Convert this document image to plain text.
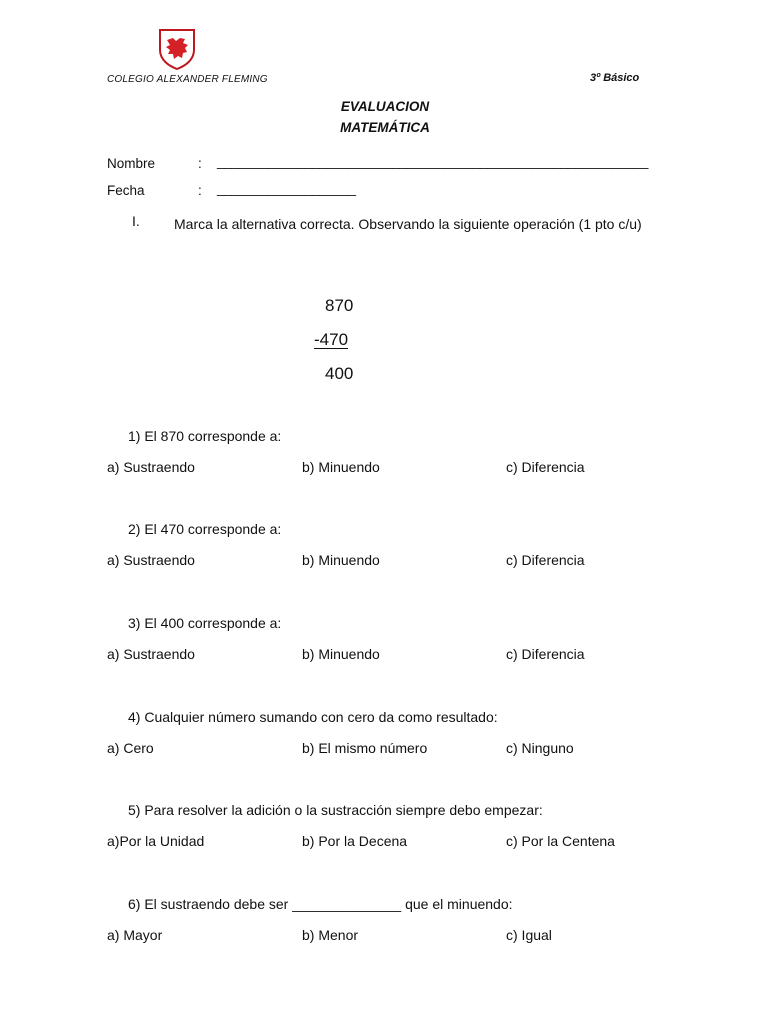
COLEGIO ALEXANDER FLEMING	3º Básico
EVALUACION
MATEMÁTICA
Nombre	: ___________________________________________________________
Fecha	: ___________________
I. Marca la alternativa correcta. Observando la siguiente operación (1 pto c/u)
870
-470
400
1) El 870 corresponde a:
a) Sustraendo	b) Minuendo	c) Diferencia
2) El 470 corresponde a:
a) Sustraendo	b) Minuendo	c) Diferencia
3) El 400 corresponde a:
a) Sustraendo	b) Minuendo	c) Diferencia
4) Cualquier número sumando con cero da como resultado:
a) Cero	b) El mismo número	c) Ninguno
5) Para resolver la adición o la sustracción siempre debo empezar:
a)Por la Unidad	b) Por la Decena	c) Por la Centena
6) El sustraendo debe ser ______________ que el minuendo:
a) Mayor	b) Menor	c) Igual
